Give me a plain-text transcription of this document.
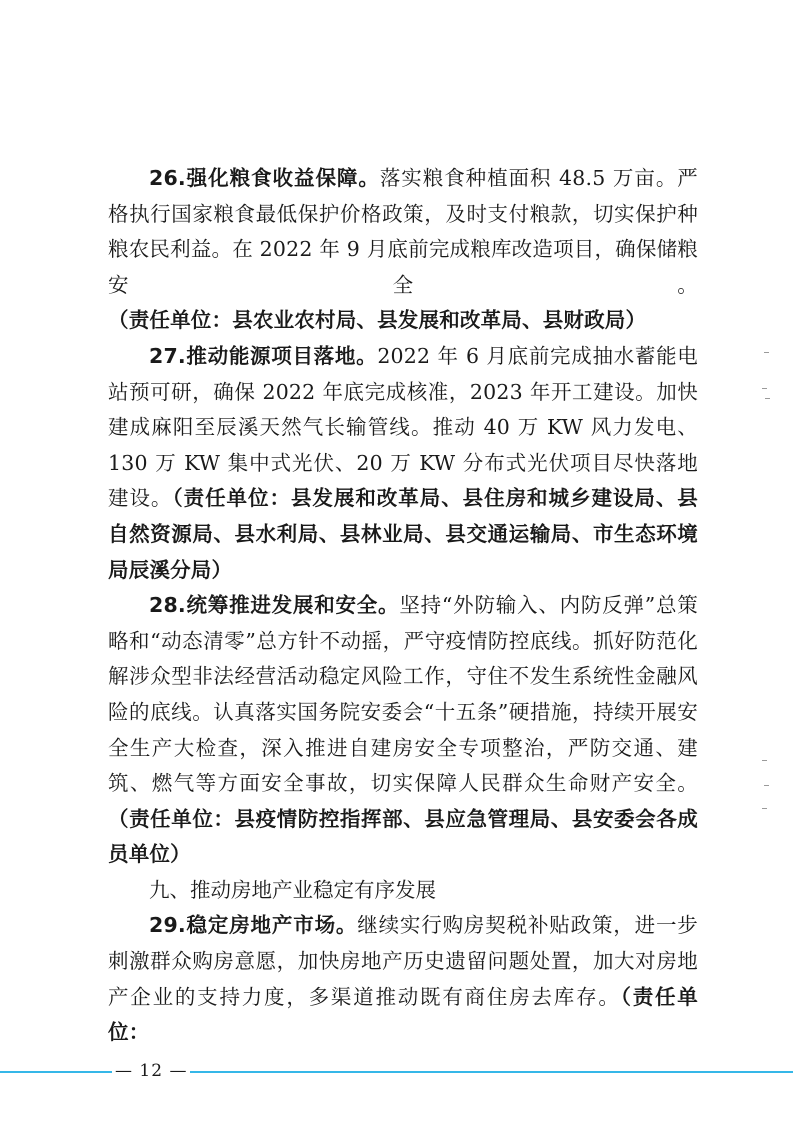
26.强化粮食收益保障。落实粮食种植面积 48.5 万亩。严格执行国家粮食最低保护价格政策，及时支付粮款，切实保护种粮农民利益。在 2022 年 9 月底前完成粮库改造项目，确保储粮安全。（责任单位：县农业农村局、县发展和改革局、县财政局）

27.推动能源项目落地。2022 年 6 月底前完成抽水蓄能电站预可研，确保 2022 年底完成核准，2023 年开工建设。加快建成麻阳至辰溪天然气长输管线。推动 40 万 KW 风力发电、130 万 KW 集中式光伏、20 万 KW 分布式光伏项目尽快落地建设。（责任单位：县发展和改革局、县住房和城乡建设局、县自然资源局、县水利局、县林业局、县交通运输局、市生态环境局辰溪分局）

28.统筹推进发展和安全。坚持“外防输入、内防反弹”总策略和“动态清零”总方针不动摇，严守疫情防控底线。抓好防范化解涉众型非法经营活动稳定风险工作，守住不发生系统性金融风险的底线。认真落实国务院安委会“十五条”硬措施，持续开展安全生产大检查，深入推进自建房安全专项整治，严防交通、建筑、燃气等方面安全事故，切实保障人民群众生命财产安全。（责任单位：县疫情防控指挥部、县应急管理局、县安委会各成员单位）

九、推动房地产业稳定有序发展

29.稳定房地产市场。继续实行购房契税补贴政策，进一步刺激群众购房意愿，加快房地产历史遗留问题处置，加大对房地产企业的支持力度，多渠道推动既有商住房去库存。（责任单位：

— 12 —
